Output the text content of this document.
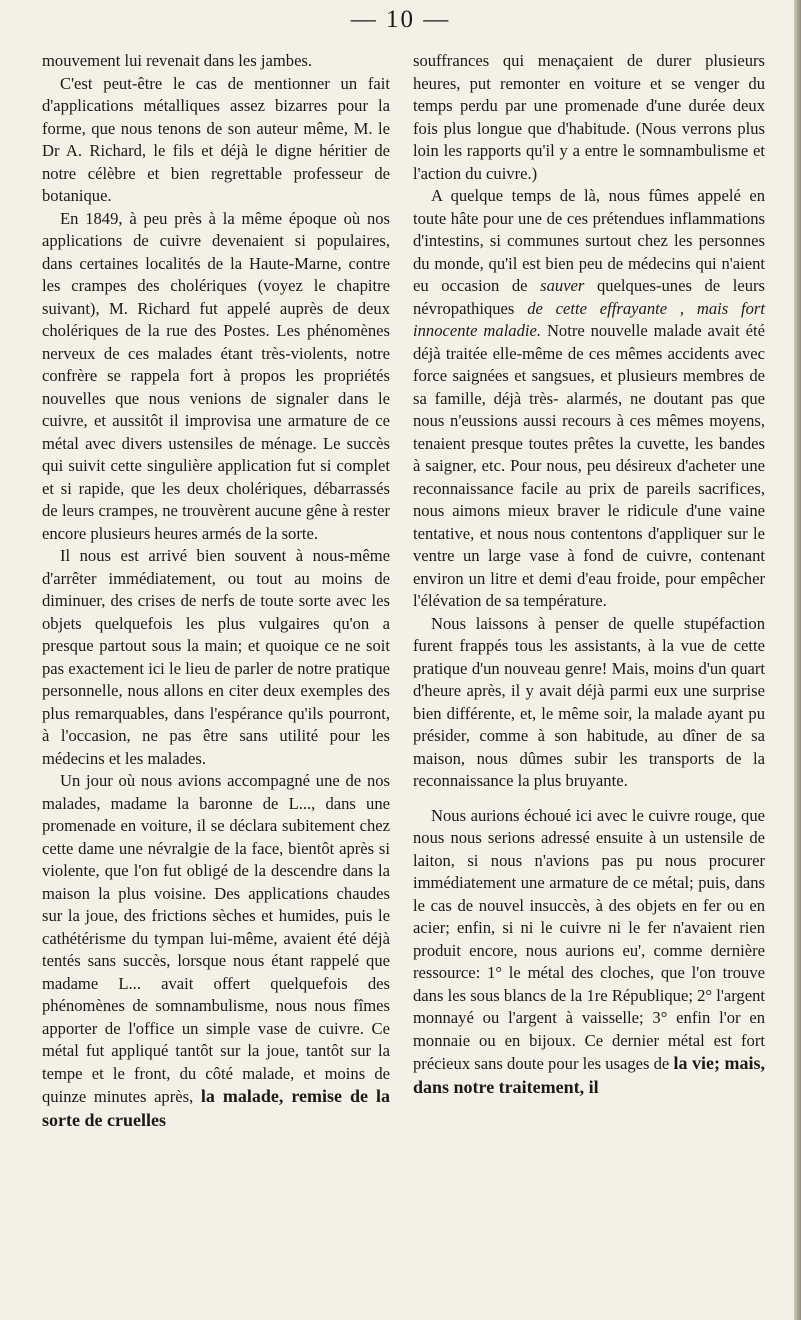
— 10 —

mouvement lui revenait dans les jambes.

C'est peut-être le cas de mentionner un fait d'applications métalliques assez bizarres pour la forme, que nous tenons de son auteur même, M. le Dr A. Richard, le fils et déjà le digne héritier de notre célèbre et bien regrettable professeur de botanique.

En 1849, à peu près à la même époque où nos applications de cuivre devenaient si populaires, dans certaines localités de la Haute-Marne, contre les crampes des cholériques (voyez le chapitre suivant), M. Richard fut appelé auprès de deux cholériques de la rue des Postes. Les phénomènes nerveux de ces malades étant très-violents, notre confrère se rappela fort à propos les propriétés nouvelles que nous venions de signaler dans le cuivre, et aussitôt il improvisa une armature de ce métal avec divers ustensiles de ménage. Le succès qui suivit cette singulière application fut si complet et si rapide, que les deux cholériques, débarrassés de leurs crampes, ne trouvèrent aucune gêne à rester encore plusieurs heures armés de la sorte.

Il nous est arrivé bien souvent à nous-même d'arrêter immédiatement, ou tout au moins de diminuer, des crises de nerfs de toute sorte avec les objets quelquefois les plus vulgaires qu'on a presque partout sous la main; et quoique ce ne soit pas exactement ici le lieu de parler de notre pratique personnelle, nous allons en citer deux exemples des plus remarquables, dans l'espérance qu'ils pourront, à l'occasion, ne pas être sans utilité pour les médecins et les malades.

Un jour où nous avions accompagné une de nos malades, madame la baronne de L..., dans une promenade en voiture, il se déclara subitement chez cette dame une névralgie de la face, bientôt après si violente, que l'on fut obligé de la descendre dans la maison la plus voisine. Des applications chaudes sur la joue, des frictions sèches et humides, puis le cathétérisme du tympan lui-même, avaient été déjà tentés sans succès, lorsque nous étant rappelé que madame L... avait offert quelquefois des phénomènes de somnambulisme, nous nous fîmes apporter de l'office un simple vase de cuivre. Ce métal fut appliqué tantôt sur la joue, tantôt sur la tempe et le front, du côté malade, et moins de quinze minutes après, la malade, remise de la sorte de cruelles

souffrances qui menaçaient de durer plusieurs heures, put remonter en voiture et se venger du temps perdu par une promenade d'une durée deux fois plus longue que d'habitude. (Nous verrons plus loin les rapports qu'il y a entre le somnambulisme et l'action du cuivre.)

A quelque temps de là, nous fûmes appelé en toute hâte pour une de ces prétendues inflammations d'intestins, si communes surtout chez les personnes du monde, qu'il est bien peu de médecins qui n'aient eu occasion de sauver quelques-unes de leurs névropathiques de cette effrayante , mais fort innocente maladie. Notre nouvelle malade avait été déjà traitée elle-même de ces mêmes accidents avec force saignées et sangsues, et plusieurs membres de sa famille, déjà très- alarmés, ne doutant pas que nous n'eussions aussi recours à ces mêmes moyens, tenaient presque toutes prêtes la cuvette, les bandes à saigner, etc. Pour nous, peu désireux d'acheter une reconnaissance facile au prix de pareils sacrifices, nous aimons mieux braver le ridicule d'une vaine tentative, et nous nous contentons d'appliquer sur le ventre un large vase à fond de cuivre, contenant environ un litre et demi d'eau froide, pour empêcher l'élévation de sa température.

Nous laissons à penser de quelle stupéfaction furent frappés tous les assistants, à la vue de cette pratique d'un nouveau genre! Mais, moins d'un quart d'heure après, il y avait déjà parmi eux une surprise bien différente, et, le même soir, la malade ayant pu présider, comme à son habitude, au dîner de sa maison, nous dûmes subir les transports de la reconnaissance la plus bruyante.

Nous aurions échoué ici avec le cuivre rouge, que nous nous serions adressé ensuite à un ustensile de laiton, si nous n'avions pas pu nous procurer immédiatement une armature de ce métal; puis, dans le cas de nouvel insuccès, à des objets en fer ou en acier; enfin, si ni le cuivre ni le fer n'avaient rien produit encore, nous aurions eu', comme dernière ressource: 1° le métal des cloches, que l'on trouve dans les sous blancs de la 1re République; 2° l'argent monnayé ou l'argent à vaisselle; 3° enfin l'or en monnaie ou en bijoux. Ce dernier métal est fort précieux sans doute pour les usages de la vie; mais, dans notre traitement, il
